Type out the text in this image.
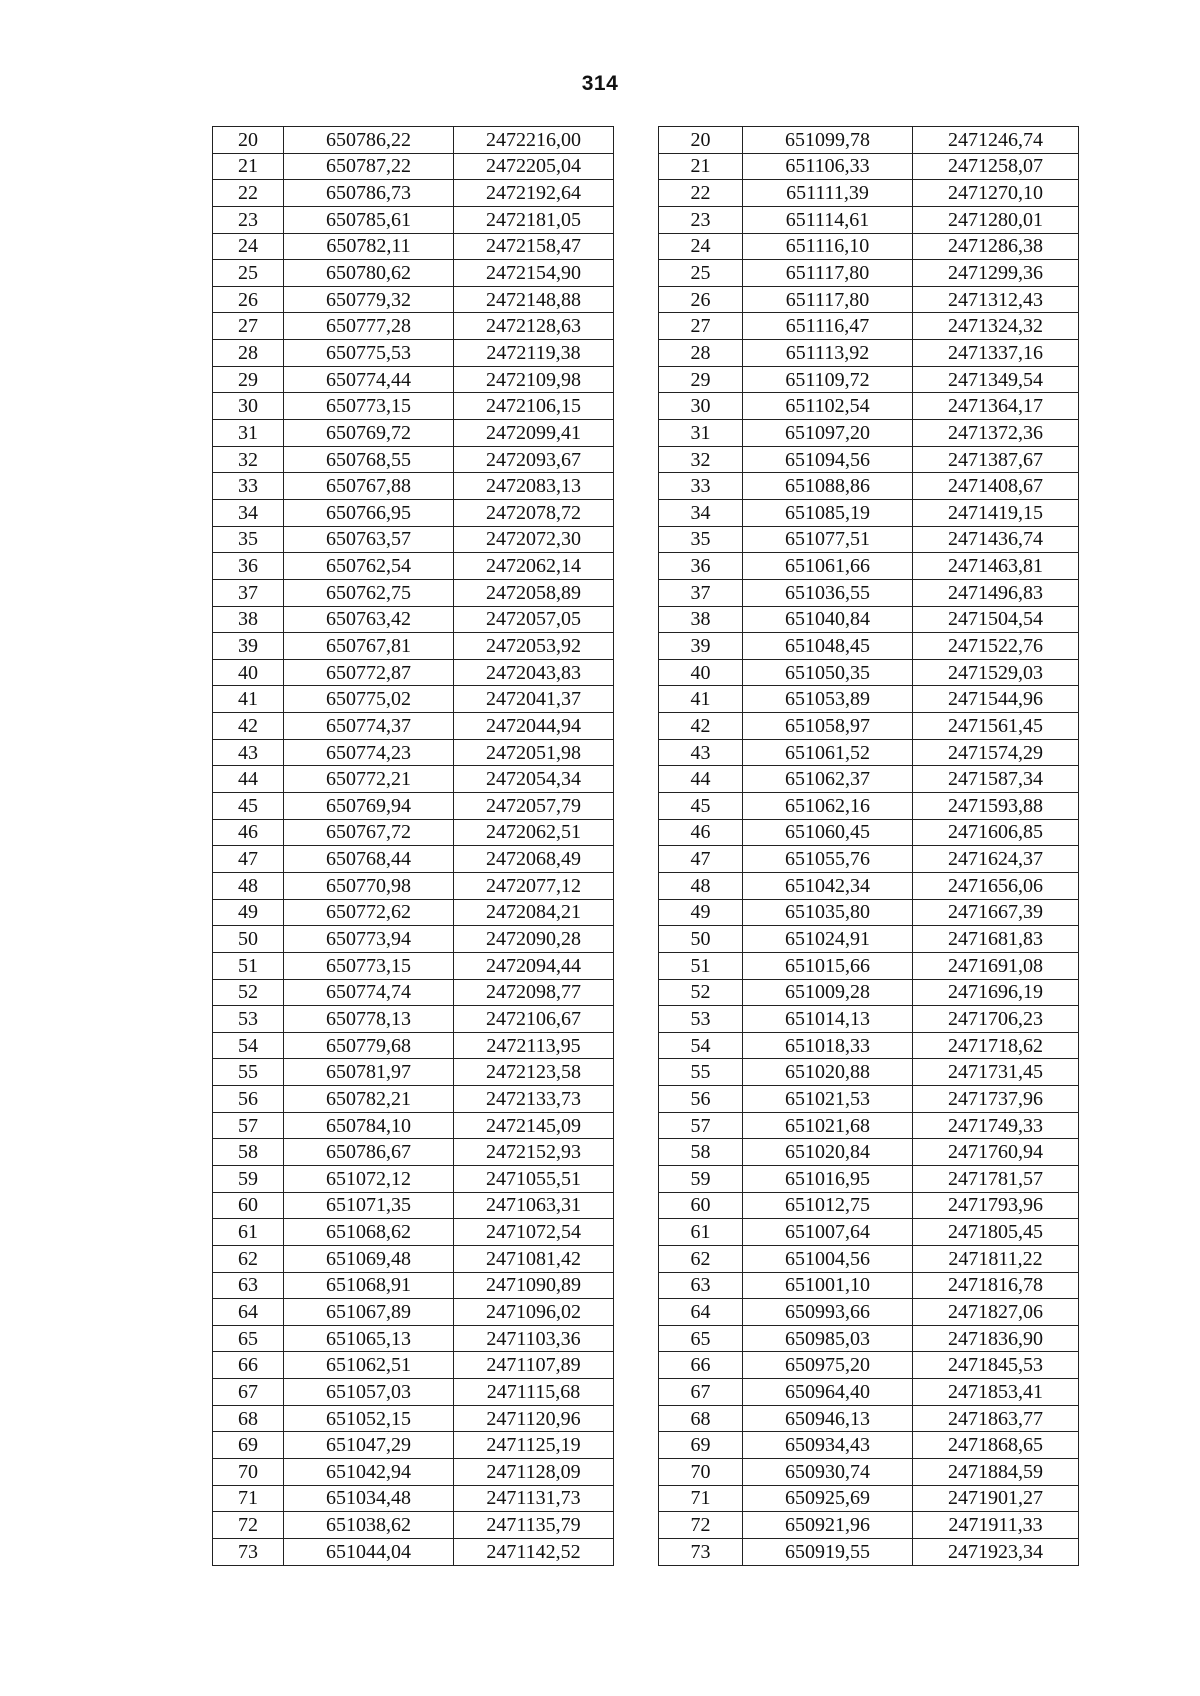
314
20	650786,22	2472216,00		20	651099,78	2471246,74
21	650787,22	2472205,04		21	651106,33	2471258,07
22	650786,73	2472192,64		22	651111,39	2471270,10
23	650785,61	2472181,05		23	651114,61	2471280,01
24	650782,11	2472158,47		24	651116,10	2471286,38
25	650780,62	2472154,90		25	651117,80	2471299,36
26	650779,32	2472148,88		26	651117,80	2471312,43
27	650777,28	2472128,63		27	651116,47	2471324,32
28	650775,53	2472119,38		28	651113,92	2471337,16
29	650774,44	2472109,98		29	651109,72	2471349,54
30	650773,15	2472106,15		30	651102,54	2471364,17
31	650769,72	2472099,41		31	651097,20	2471372,36
32	650768,55	2472093,67		32	651094,56	2471387,67
33	650767,88	2472083,13		33	651088,86	2471408,67
34	650766,95	2472078,72		34	651085,19	2471419,15
35	650763,57	2472072,30		35	651077,51	2471436,74
36	650762,54	2472062,14		36	651061,66	2471463,81
37	650762,75	2472058,89		37	651036,55	2471496,83
38	650763,42	2472057,05		38	651040,84	2471504,54
39	650767,81	2472053,92		39	651048,45	2471522,76
40	650772,87	2472043,83		40	651050,35	2471529,03
41	650775,02	2472041,37		41	651053,89	2471544,96
42	650774,37	2472044,94		42	651058,97	2471561,45
43	650774,23	2472051,98		43	651061,52	2471574,29
44	650772,21	2472054,34		44	651062,37	2471587,34
45	650769,94	2472057,79		45	651062,16	2471593,88
46	650767,72	2472062,51		46	651060,45	2471606,85
47	650768,44	2472068,49		47	651055,76	2471624,37
48	650770,98	2472077,12		48	651042,34	2471656,06
49	650772,62	2472084,21		49	651035,80	2471667,39
50	650773,94	2472090,28		50	651024,91	2471681,83
51	650773,15	2472094,44		51	651015,66	2471691,08
52	650774,74	2472098,77		52	651009,28	2471696,19
53	650778,13	2472106,67		53	651014,13	2471706,23
54	650779,68	2472113,95		54	651018,33	2471718,62
55	650781,97	2472123,58		55	651020,88	2471731,45
56	650782,21	2472133,73		56	651021,53	2471737,96
57	650784,10	2472145,09		57	651021,68	2471749,33
58	650786,67	2472152,93		58	651020,84	2471760,94
59	651072,12	2471055,51		59	651016,95	2471781,57
60	651071,35	2471063,31		60	651012,75	2471793,96
61	651068,62	2471072,54		61	651007,64	2471805,45
62	651069,48	2471081,42		62	651004,56	2471811,22
63	651068,91	2471090,89		63	651001,10	2471816,78
64	651067,89	2471096,02		64	650993,66	2471827,06
65	651065,13	2471103,36		65	650985,03	2471836,90
66	651062,51	2471107,89		66	650975,20	2471845,53
67	651057,03	2471115,68		67	650964,40	2471853,41
68	651052,15	2471120,96		68	650946,13	2471863,77
69	651047,29	2471125,19		69	650934,43	2471868,65
70	651042,94	2471128,09		70	650930,74	2471884,59
71	651034,48	2471131,73		71	650925,69	2471901,27
72	651038,62	2471135,79		72	650921,96	2471911,33
73	651044,04	2471142,52		73	650919,55	2471923,34
